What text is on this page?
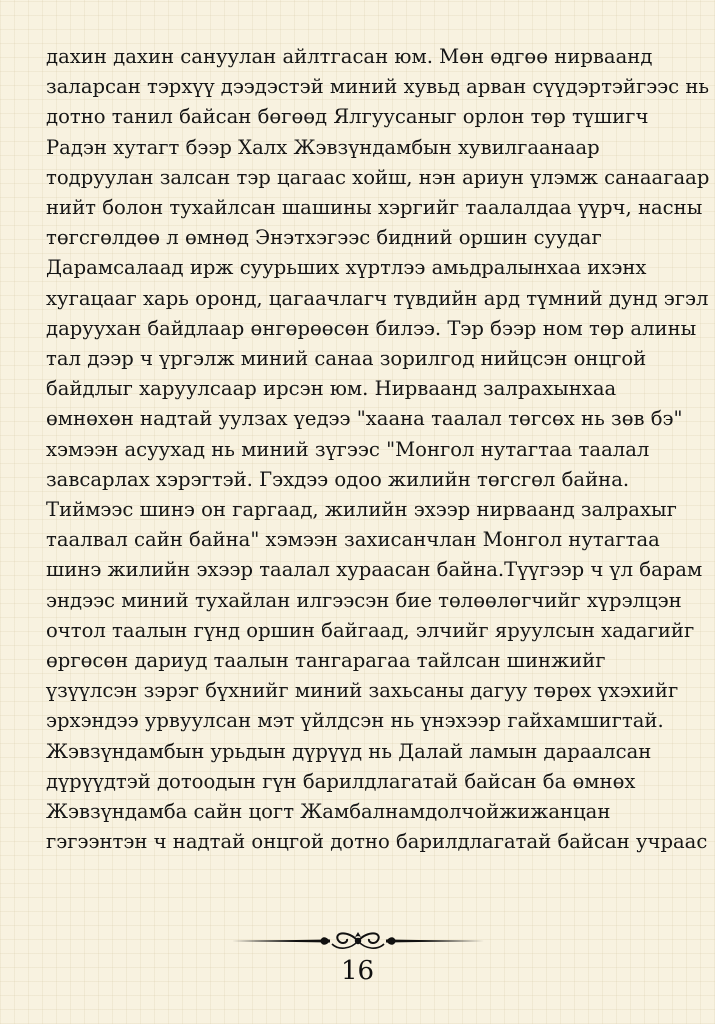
дахин дахин сануулан айлтгасан юм. Мөн өдгөө нирваанд
заларсан тэрхүү дээдэстэй миний хувьд арван сүүдэртэйгээс нь
дотно танил байсан бөгөөд Ялгуусаныг орлон төр түшигч
Радэн хутагт бээр Халх Жэвзүндамбын хувилгаанаар
тодруулан залсан тэр цагаас хойш, нэн ариун үлэмж санаагаар
нийт болон тухайлсан шашины хэргийг таалалдаа үүрч, насны
төгсгөлдөө л өмнөд Энэтхэгээс бидний оршин суудаг
Дарамсалаад ирж суурьших хүртлээ амьдралынхаа ихэнх
хугацааг харь оронд, цагаачлагч түвдийн ард түмний дунд эгэл
даруухан байдлаар өнгөрөөсөн билээ. Тэр бээр ном төр алины
тал дээр ч үргэлж миний санаа зорилгод нийцсэн онцгой
байдлыг харуулсаар ирсэн юм. Нирваанд залрахынхаа
өмнөхөн надтай уулзах үедээ "хаана таалал төгсөх нь зөв бэ"
хэмээн асуухад нь миний зүгээс "Монгол нутагтаа таалал
завсарлах хэрэгтэй. Гэхдээ одоо жилийн төгсгөл байна.
Тиймээс шинэ он гаргаад, жилийн эхээр нирваанд залрахыг
таалвал сайн байна" хэмээн захисанчлан Монгол нутагтаа
шинэ жилийн эхээр таалал хураасан байна.Түүгээр ч үл барам
эндээс миний тухайлан илгээсэн бие төлөөлөгчийг хүрэлцэн
очтол таалын гүнд оршин байгаад, элчийг яруулсын хадагийг
өргөсөн дариуд таалын тангарагаа тайлсан шинжийг
үзүүлсэн зэрэг бүхнийг миний захьсаны дагуу төрөх үхэхийг
эрхэндээ урвуулсан мэт үйлдсэн нь үнэхээр гайхамшигтай.
Жэвзүндамбын урьдын дүрүүд нь Далай ламын дараалсан
дүрүүдтэй дотоодын гүн барилдлагатай байсан ба өмнөх
Жэвзүндамба сайн цогт Жамбалнамдолчойжижанцан
гэгээнтэн ч надтай онцгой дотно барилдлагатай байсан учраас
16
